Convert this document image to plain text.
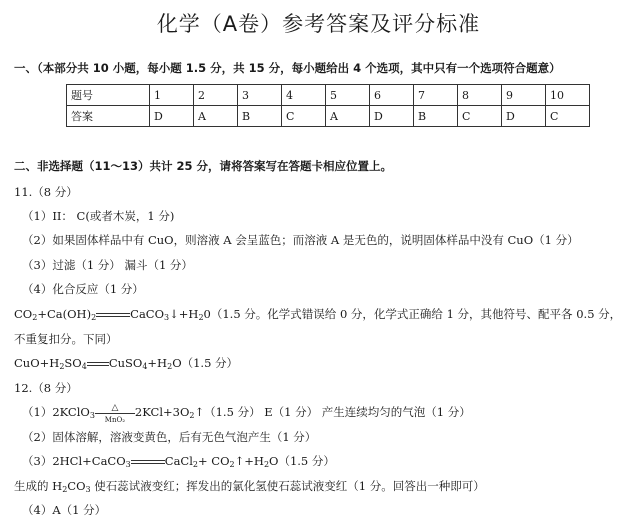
化学（A卷）参考答案及评分标准
一、（本部分共 10 小题，每小题 1.5 分，共 15 分，每小题给出 4 个选项，其中只有一个选项符合题意）
题号	1	2	3	4	5	6	7	8	9	10
答案	D	A	B	C	A	D	B	C	D	C
二、非选择题（11～13）共计 25 分，请将答案写在答题卡相应位置上。
11.（8 分）
（1）II： C(或者木炭，1 分)
（2）如果固体样品中有 CuO，则溶液 A 会呈蓝色；而溶液 A 是无色的，说明固体样品中没有 CuO（1 分）
（3）过滤（1 分） 漏斗（1 分）
（4）化合反应（1 分）
$CO_2+Ca(OH)_2$	$CaCO_3↓+H_20(1.5$ 分。化学式错误给 0 分，化学式正确给 1 分，其他符号、配平各 0.5 分，
不重复扣分。下同）
$CuO+H_2SO_4$ $CuSO_4+H_2O(1.5$ 分）
12.（8 分）
（1）2KClO$_3$
△
MnO₂
$2KCl+3O_2↑(1.5$ 分） E（1 分） 产生连续均匀的气泡（1 分）
（2）固体溶解，溶液变黄色，后有无色气泡产生（1 分）
（3）2HCl+CaCO$_3$	CaCl$_2$+ $CO_2↑+H_2O(1.5$ 分）
生成的 $H_2CO_3$ 使石蕊试液变红；挥发出的氯化氢使石蕊试液变红（1 分。回答出一种即可）
（4）A（1 分）
